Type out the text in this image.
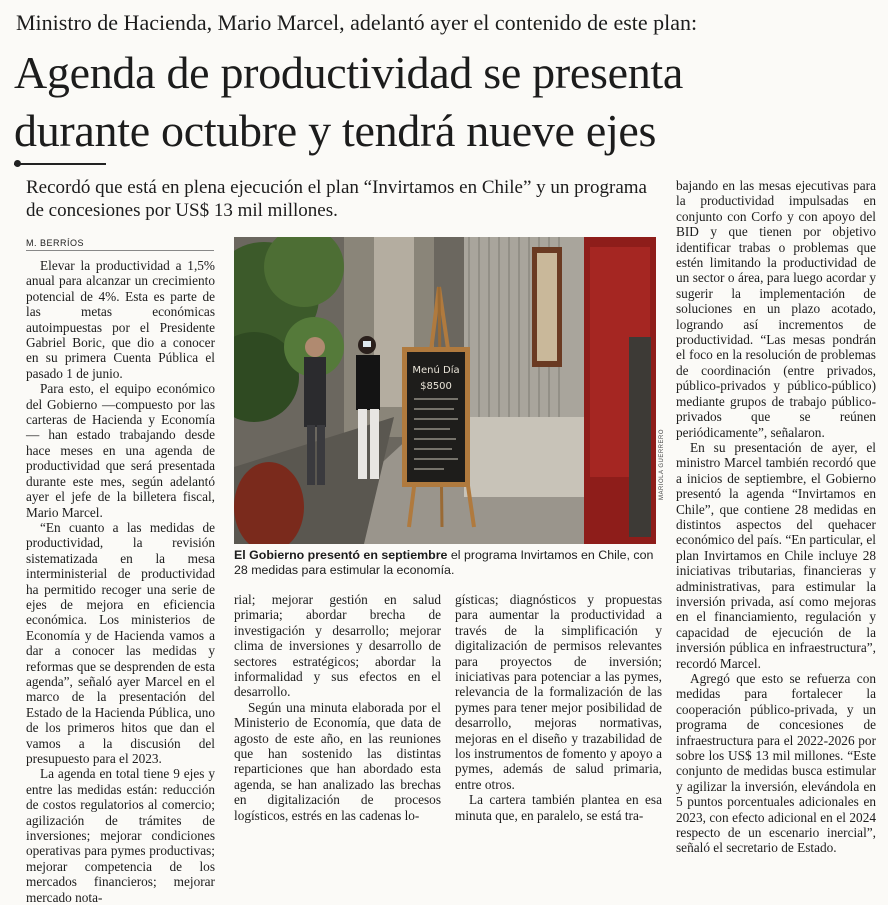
Ministro de Hacienda, Mario Marcel, adelantó ayer el contenido de este plan:
Agenda de productividad se presenta
durante octubre y tendrá nueve ejes
Recordó que está en plena ejecución el plan “Invirtamos en Chile” y un programa de concesiones por US$ 13 mil millones.
M. BERRÍOS

Elevar la productividad a 1,5% anual para alcanzar un crecimiento potencial de 4%. Esta es parte de las metas económicas autoimpuestas por el Presidente Gabriel Boric, que dio a conocer en su primera Cuenta Pública el pasado 1 de junio.

Para esto, el equipo económico del Gobierno —compuesto por las carteras de Hacienda y Economía— han estado trabajando desde hace meses en una agenda de productividad que será presentada durante este mes, según adelantó ayer el jefe de la billetera fiscal, Mario Marcel.

“En cuanto a las medidas de productividad, la revisión sistematizada en la mesa interministerial de productividad ha permitido recoger una serie de ejes de mejora en eficiencia económica. Los ministerios de Economía y de Hacienda vamos a dar a conocer las medidas y reformas que se desprenden de esta agenda”, señaló ayer Marcel en el marco de la presentación del Estado de la Hacienda Pública, uno de los primeros hitos que dan el vamos a la discusión del presupuesto para el 2023.

La agenda en total tiene 9 ejes y entre las medidas están: reducción de costos regulatorios al comercio; agilización de trámites de inversiones; mejorar condiciones operativas para pymes productivas; mejorar competencia de los mercados financieros; mejorar mercado nota-

Menú Día
$8500
MARIOLA GUERRERO
El Gobierno presentó en septiembre el programa Invirtamos en Chile, con 28 medidas para estimular la economía.

rial; mejorar gestión en salud primaria; abordar brecha de investigación y desarrollo; mejorar clima de inversiones y desarrollo de sectores estratégicos; abordar la informalidad y sus efectos en el desarrollo.

Según una minuta elaborada por el Ministerio de Economía, que data de agosto de este año, en las reuniones que han sostenido las distintas reparticiones que han abordado esta agenda, se han analizado las brechas en digitalización de procesos logísticos, estrés en las cadenas lo-

gísticas; diagnósticos y propuestas para aumentar la productividad a través de la simplificación y digitalización de permisos relevantes para proyectos de inversión; iniciativas para potenciar a las pymes, relevancia de la formalización de las pymes para tener mejor posibilidad de desarrollo, mejoras normativas, mejoras en el diseño y trazabilidad de los instrumentos de fomento y apoyo a pymes, además de salud primaria, entre otros.

La cartera también plantea en esa minuta que, en paralelo, se está tra-

bajando en las mesas ejecutivas para la productividad impulsadas en conjunto con Corfo y con apoyo del BID y que tienen por objetivo identificar trabas o problemas que estén limitando la productividad de un sector o área, para luego acordar y sugerir la implementación de soluciones en un plazo acotado, logrando así incrementos de productividad. “Las mesas pondrán el foco en la resolución de problemas de coordinación (entre privados, público-privados y público-público) mediante grupos de trabajo público-privados que se reúnen periódicamente”, señalaron.

En su presentación de ayer, el ministro Marcel también recordó que a inicios de septiembre, el Gobierno presentó la agenda “Invirtamos en Chile”, que contiene 28 medidas en distintos aspectos del quehacer económico del país. “En particular, el plan Invirtamos en Chile incluye 28 iniciativas tributarias, financieras y administrativas, para estimular la inversión privada, así como mejoras en el financiamiento, regulación y capacidad de ejecución de la inversión pública en infraestructura”, recordó Marcel.

Agregó que esto se refuerza con medidas para fortalecer la cooperación público-privada, y un programa de concesiones de infraestructura para el 2022-2026 por sobre los US$ 13 mil millones. “Este conjunto de medidas busca estimular y agilizar la inversión, elevándola en 5 puntos porcentuales adicionales en 2023, con efecto adicional en el 2024 respecto de un escenario inercial”, señaló el secretario de Estado.
